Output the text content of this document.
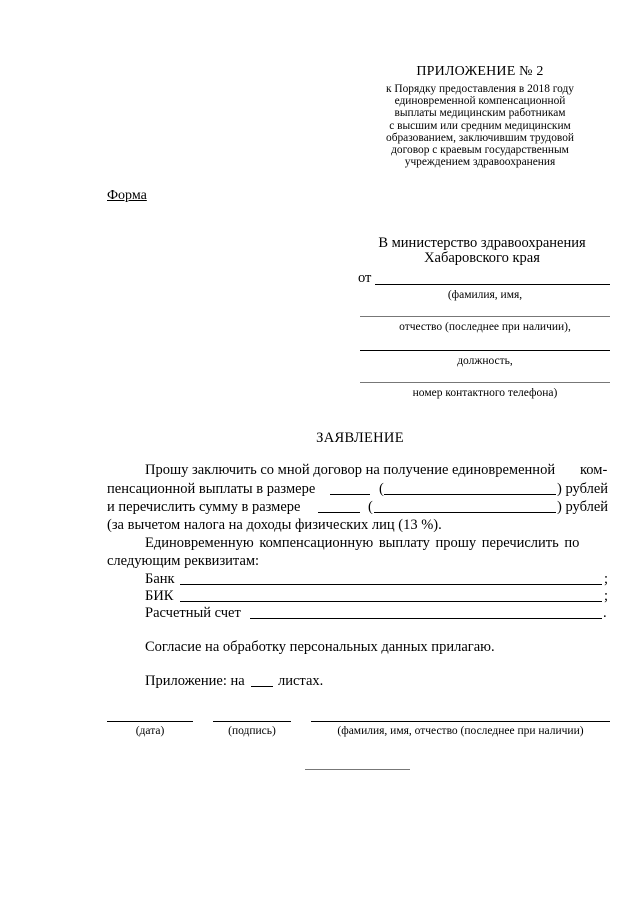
ПРИЛОЖЕНИЕ № 2
к Порядку предоставления в 2018 году
единовременной компенсационной
выплаты медицинским работникам
с высшим или средним медицинским
образованием, заключившим трудовой
договор с краевым государственным
учреждением здравоохранения
Форма
В министерство здравоохранения
Хабаровского края
от
(фамилия, имя,
отчество (последнее при наличии),
должность,
номер контактного телефона)
ЗАЯВЛЕНИЕ
Прошу заключить со мной договор на получение единовременной ком-
пенсационной выплаты в размере	(	) рублей
и перечислить сумму в размере	(	) рублей
(за вычетом налога на доходы физических лиц (13 %).
Единовременную компенсационную выплату прошу перечислить по
следующим реквизитам:
Банк	;
БИК	;
Расчетный счет	.
Согласие на обработку персональных данных прилагаю.
Приложение: на листах.
(дата)	(подпись)	(фамилия, имя, отчество (последнее при наличии)
